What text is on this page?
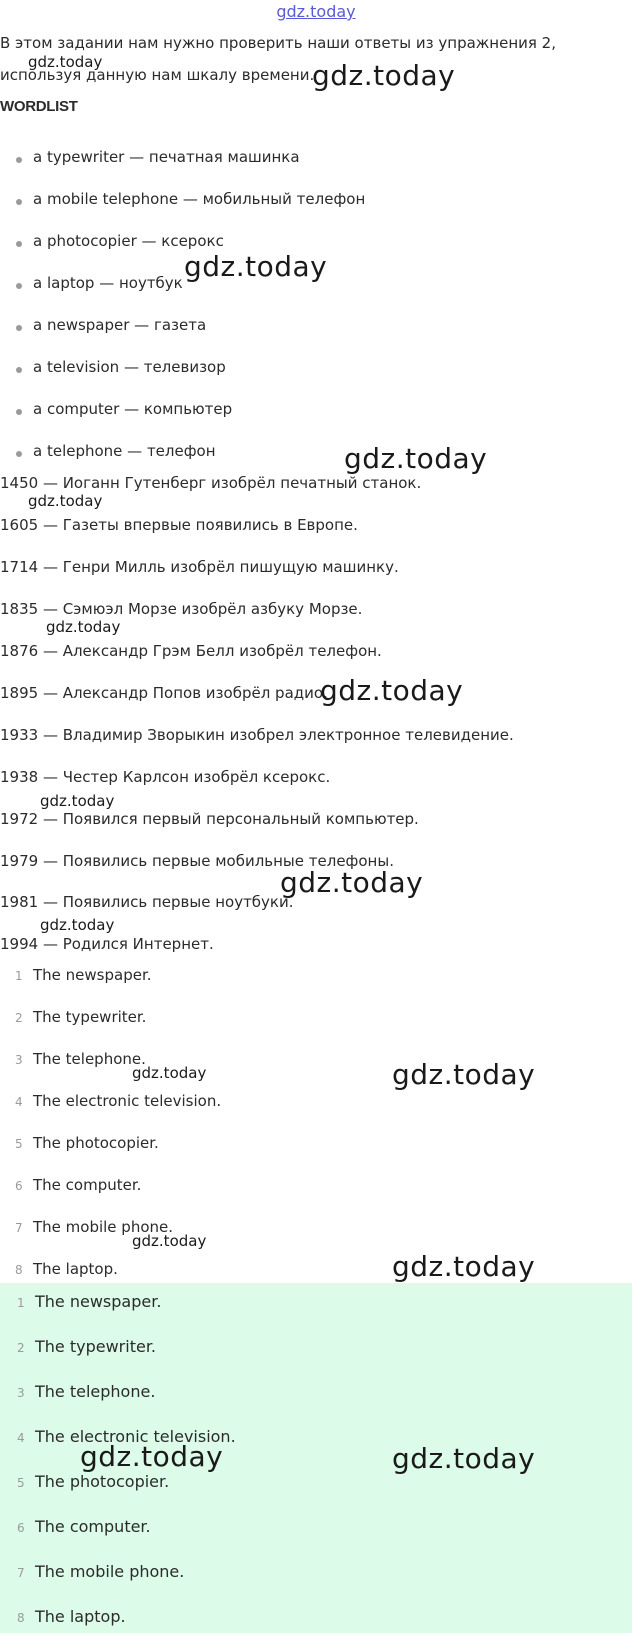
gdz.today
В этом задании нам нужно проверить наши ответы из упражнения 2,
используя данную нам шкалу времени.
WORDLIST
a typewriter — печатная машинка
a mobile telephone — мобильный телефон
a photocopier — ксерокс
a laptop — ноутбук
a newspaper — газета
a television — телевизор
a computer — компьютер
a telephone — телефон
1450 — Иоганн Гутенберг изобрёл печатный станок.
1605 — Газеты впервые появились в Европе.
1714 — Генри Милль изобрёл пишущую машинку.
1835 — Сэмюэл Морзе изобрёл азбуку Морзе.
1876 — Александр Грэм Белл изобрёл телефон.
1895 — Александр Попов изобрёл радио.
1933 — Владимир Зворыкин изобрел электронное телевидение.
1938 — Честер Карлсон изобрёл ксерокс.
1972 — Появился первый персональный компьютер.
1979 — Появились первые мобильные телефоны.
1981 — Появились первые ноутбуки.
1994 — Родился Интернет.
1 The newspaper.
2 The typewriter.
3 The telephone.
4 The electronic television.
5 The photocopier.
6 The computer.
7 The mobile phone.
8 The laptop.
1 The newspaper.
2 The typewriter.
3 The telephone.
4 The electronic television.
5 The photocopier.
6 The computer.
7 The mobile phone.
8 The laptop.
gdz.today	gdz.today
gdz.today
gdz.today
gdz.today
gdz.today
gdz.today
gdz.today
gdz.today
gdz.today
gdz.today	gdz.today
gdz.today
gdz.today
gdz.today	gdz.today
